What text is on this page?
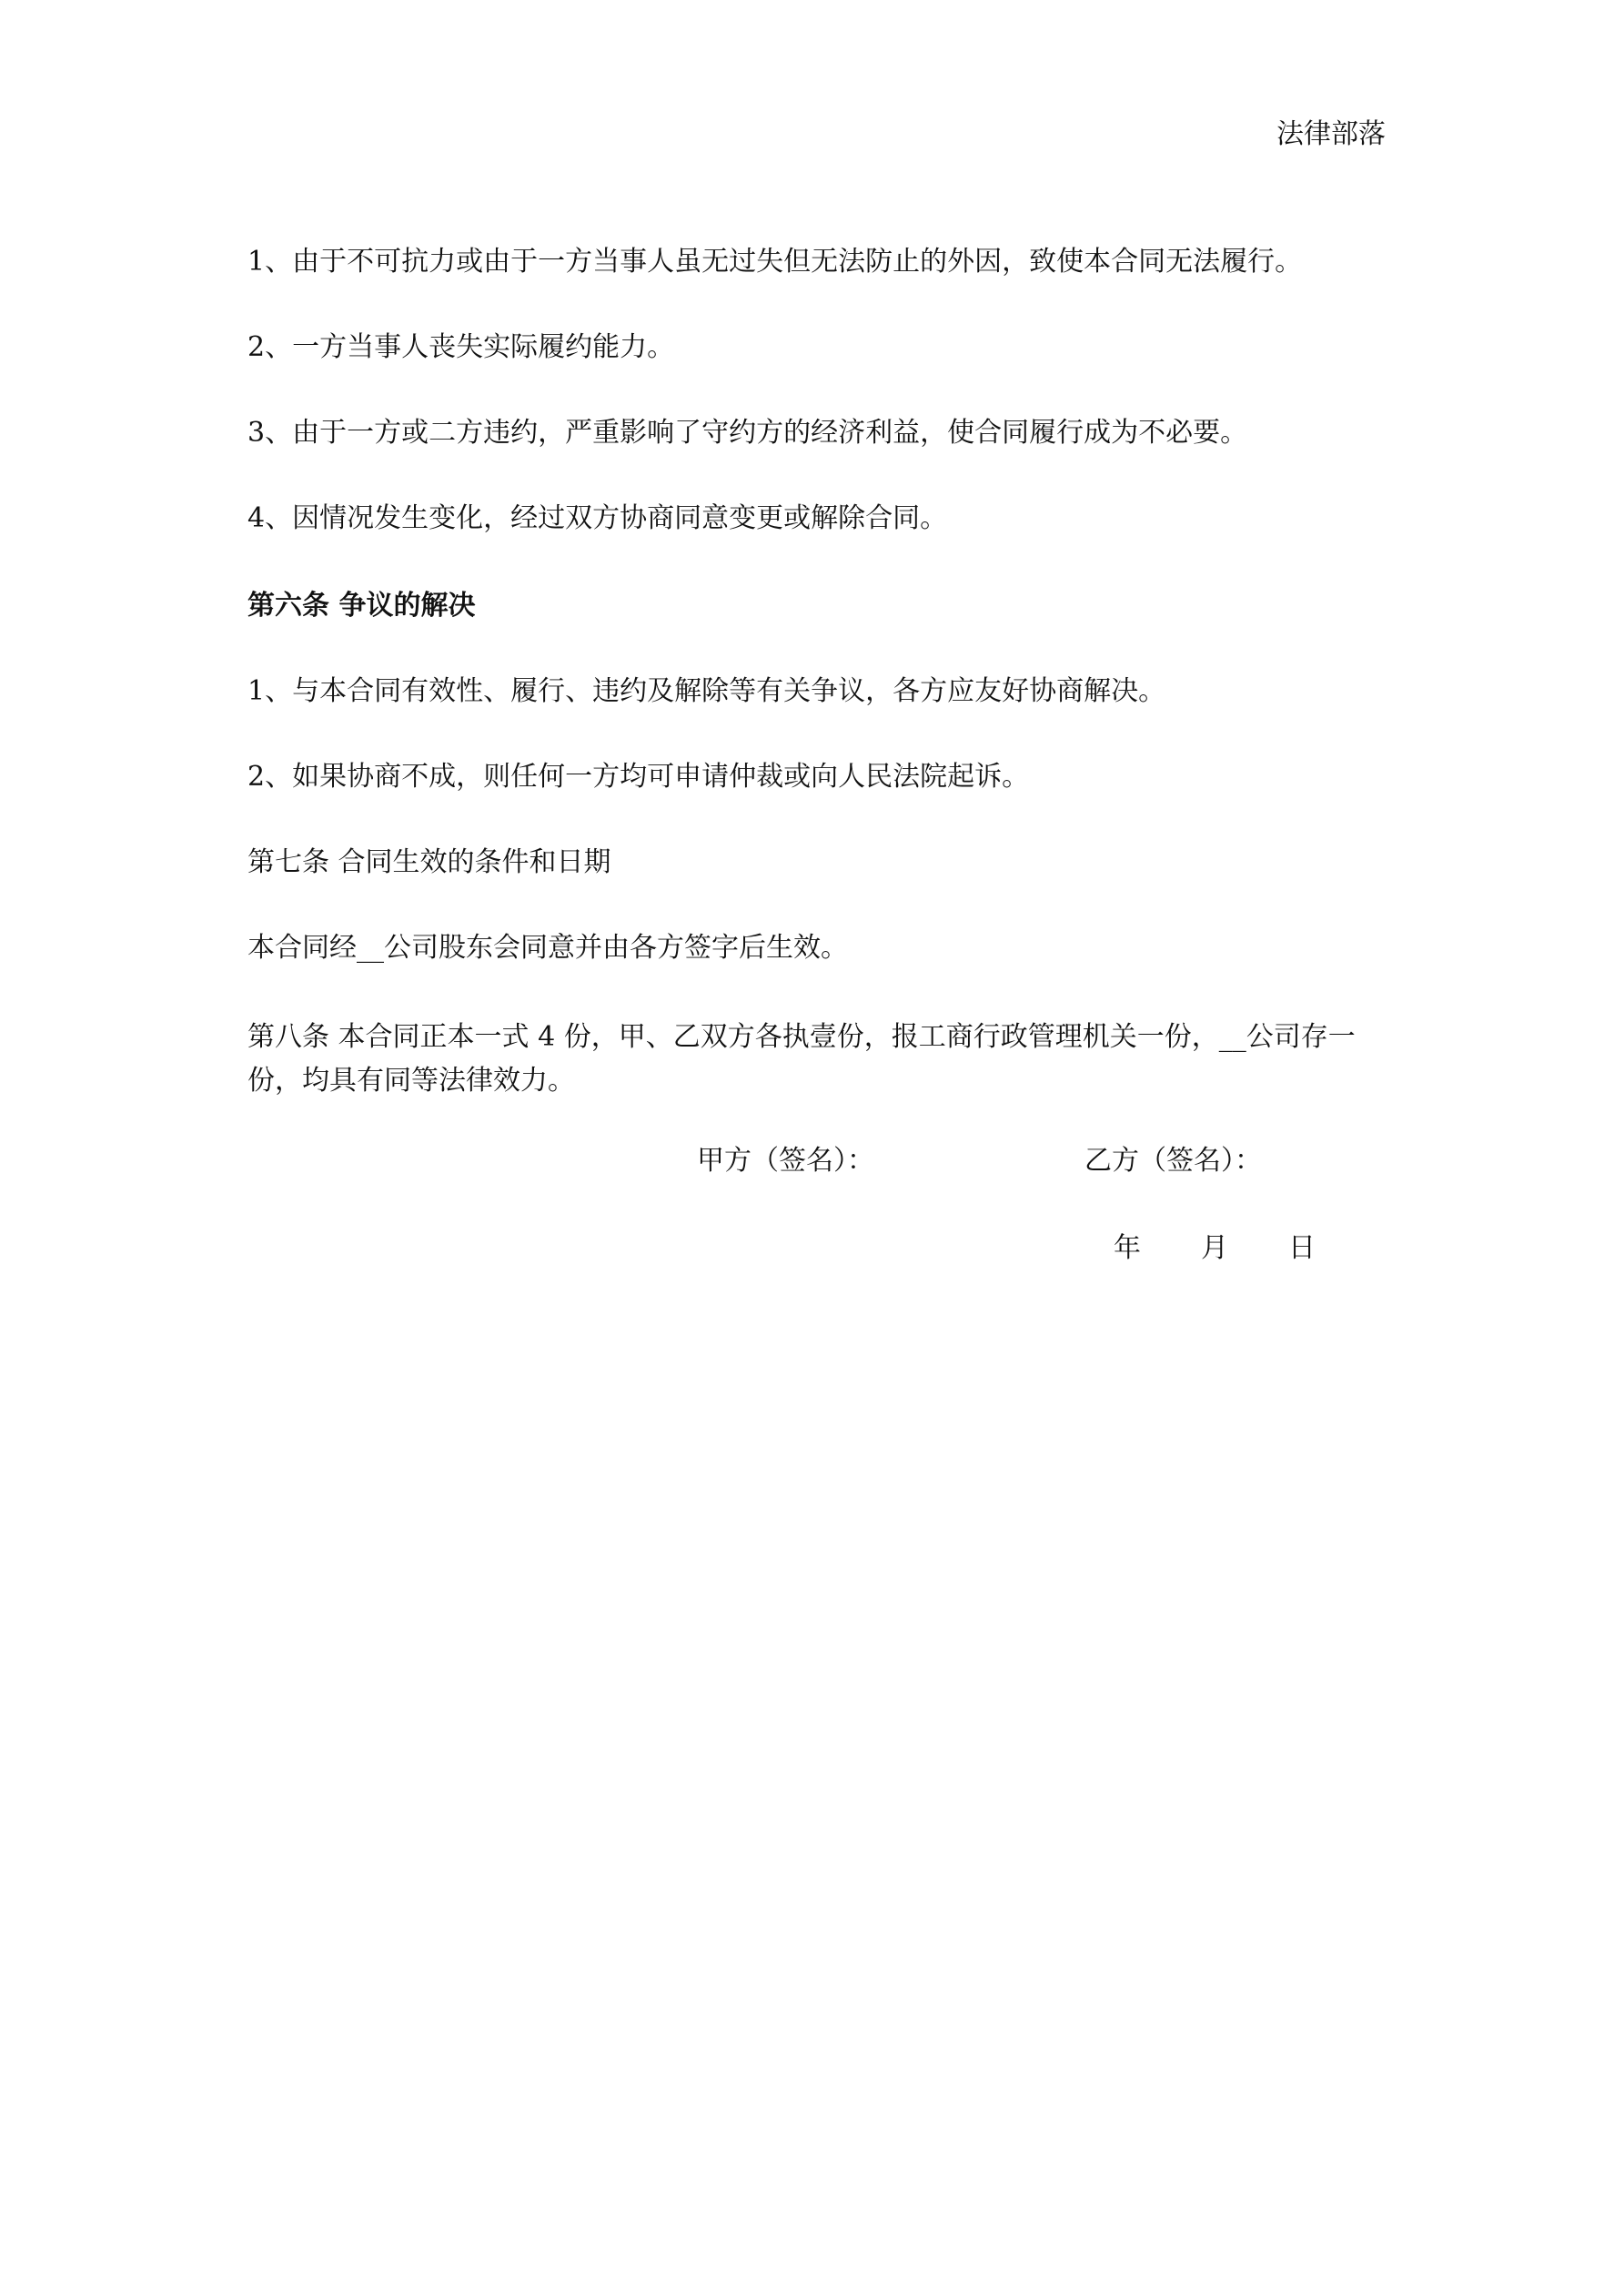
法律部落
1、由于不可抗力或由于一方当事人虽无过失但无法防止的外因，致使本合同无法履行。
2、一方当事人丧失实际履约能力。
3、由于一方或二方违约，严重影响了守约方的经济利益，使合同履行成为不必要。
4、因情况发生变化，经过双方协商同意变更或解除合同。
第六条 争议的解决
1、与本合同有效性、履行、违约及解除等有关争议，各方应友好协商解决。
2、如果协商不成，则任何一方均可申请仲裁或向人民法院起诉。
第七条 合同生效的条件和日期
本合同经__公司股东会同意并由各方签字后生效。
第八条 本合同正本一式 4 份，甲、乙双方各执壹份，报工商行政管理机关一份，__公司存一份，均具有同等法律效力。
甲方（签名）：	乙方（签名）：
年 月 日
